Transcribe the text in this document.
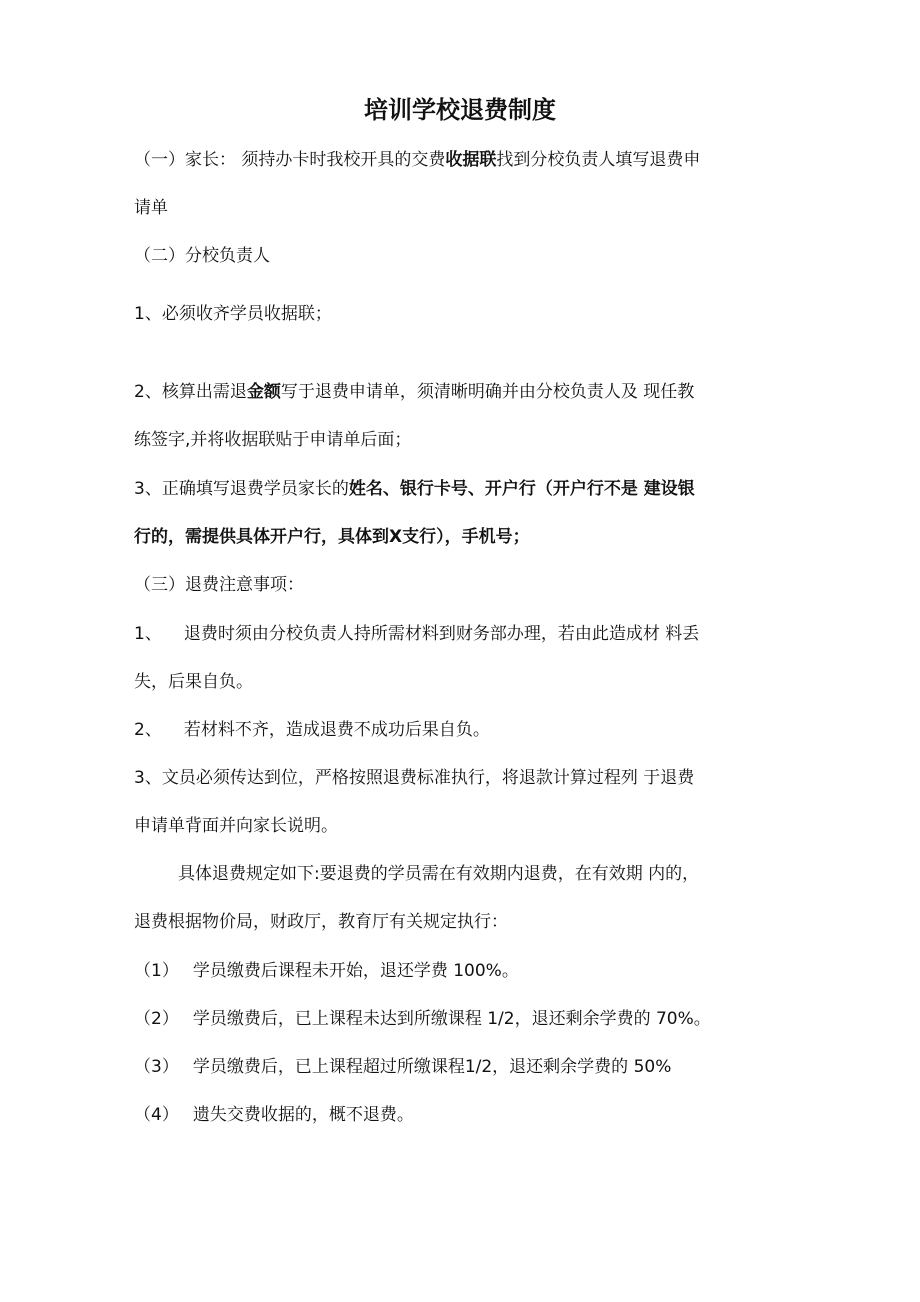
培训学校退费制度

（一）家长： 须持办卡时我校开具的交费收据联找到分校负责人填写退费申

请单

（二）分校负责人

1、必须收齐学员收据联；

2、核算出需退金额写于退费申请单，须清晰明确并由分校负责人及 现任教

练签字,并将收据联贴于申请单后面；

3、正确填写退费学员家长的姓名、银行卡号、开户行（开户行不是 建设银

行的，需提供具体开户行，具体到X支行），手机号；

（三）退费注意事项：

1、 退费时须由分校负责人持所需材料到财务部办理，若由此造成材 料丢

失，后果自负。

2、 若材料不齐，造成退费不成功后果自负。

3、文员必须传达到位，严格按照退费标准执行，将退款计算过程列 于退费

申请单背面并向家长说明。

具体退费规定如下:要退费的学员需在有效期内退费，在有效期 内的，

退费根据物价局，财政厅，教育厅有关规定执行：

（1） 学员缴费后课程未开始，退还学费 100%。

（2） 学员缴费后，已上课程未达到所缴课程 1/2，退还剩余学费的 70%。

（3） 学员缴费后，已上课程超过所缴课程1/2，退还剩余学费的 50%

（4） 遗失交费收据的，概不退费。
